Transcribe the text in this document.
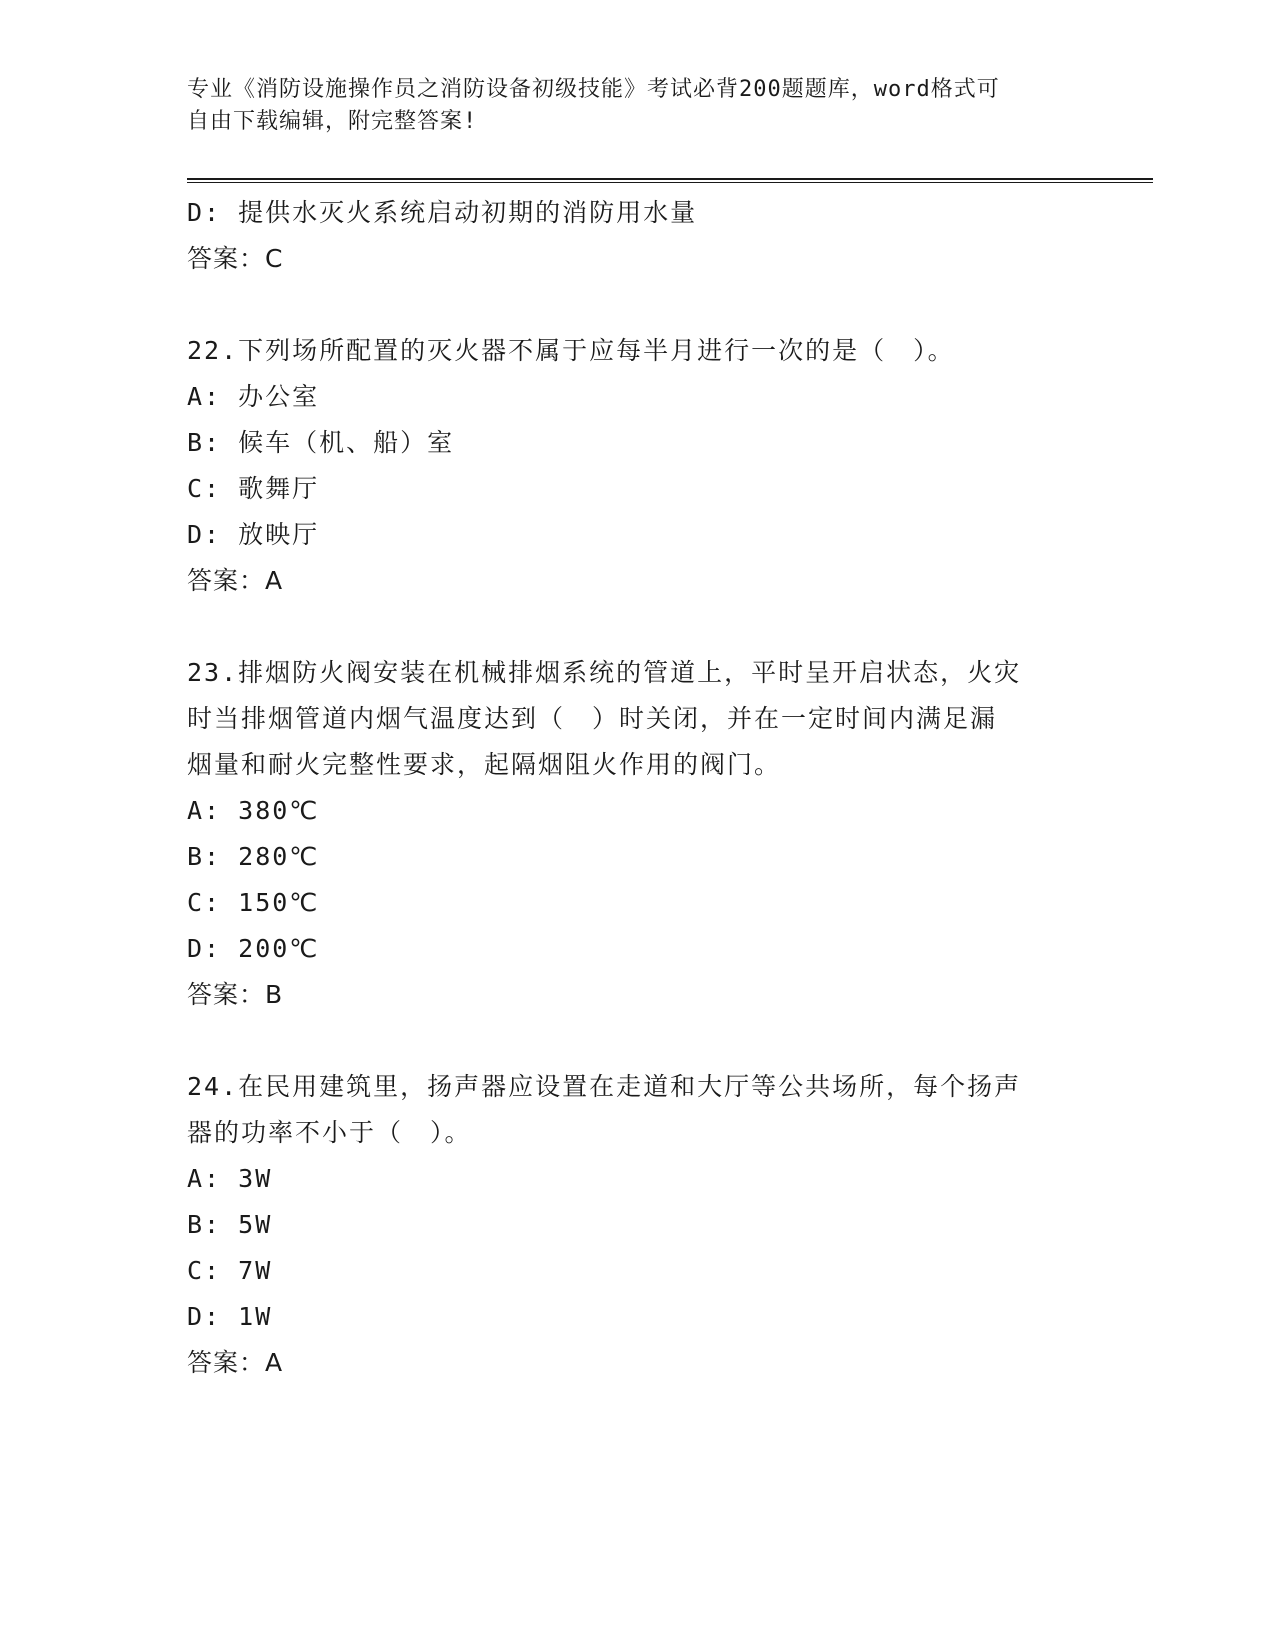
专业《消防设施操作员之消防设备初级技能》考试必背200题题库，word格式可
自由下载编辑，附完整答案!
D: 提供水灭火系统启动初期的消防用水量
答案：C
22.下列场所配置的灭火器不属于应每半月进行一次的是（　）。
A: 办公室
B: 候车（机、船）室
C: 歌舞厅
D: 放映厅
答案：A
23.排烟防火阀安装在机械排烟系统的管道上，平时呈开启状态，火灾
时当排烟管道内烟气温度达到（　）时关闭，并在一定时间内满足漏
烟量和耐火完整性要求，起隔烟阻火作用的阀门。
A: 380℃
B: 280℃
C: 150℃
D: 200℃
答案：B
24.在民用建筑里，扬声器应设置在走道和大厅等公共场所，每个扬声
器的功率不小于（　）。
A: 3W
B: 5W
C: 7W
D: 1W
答案：A
